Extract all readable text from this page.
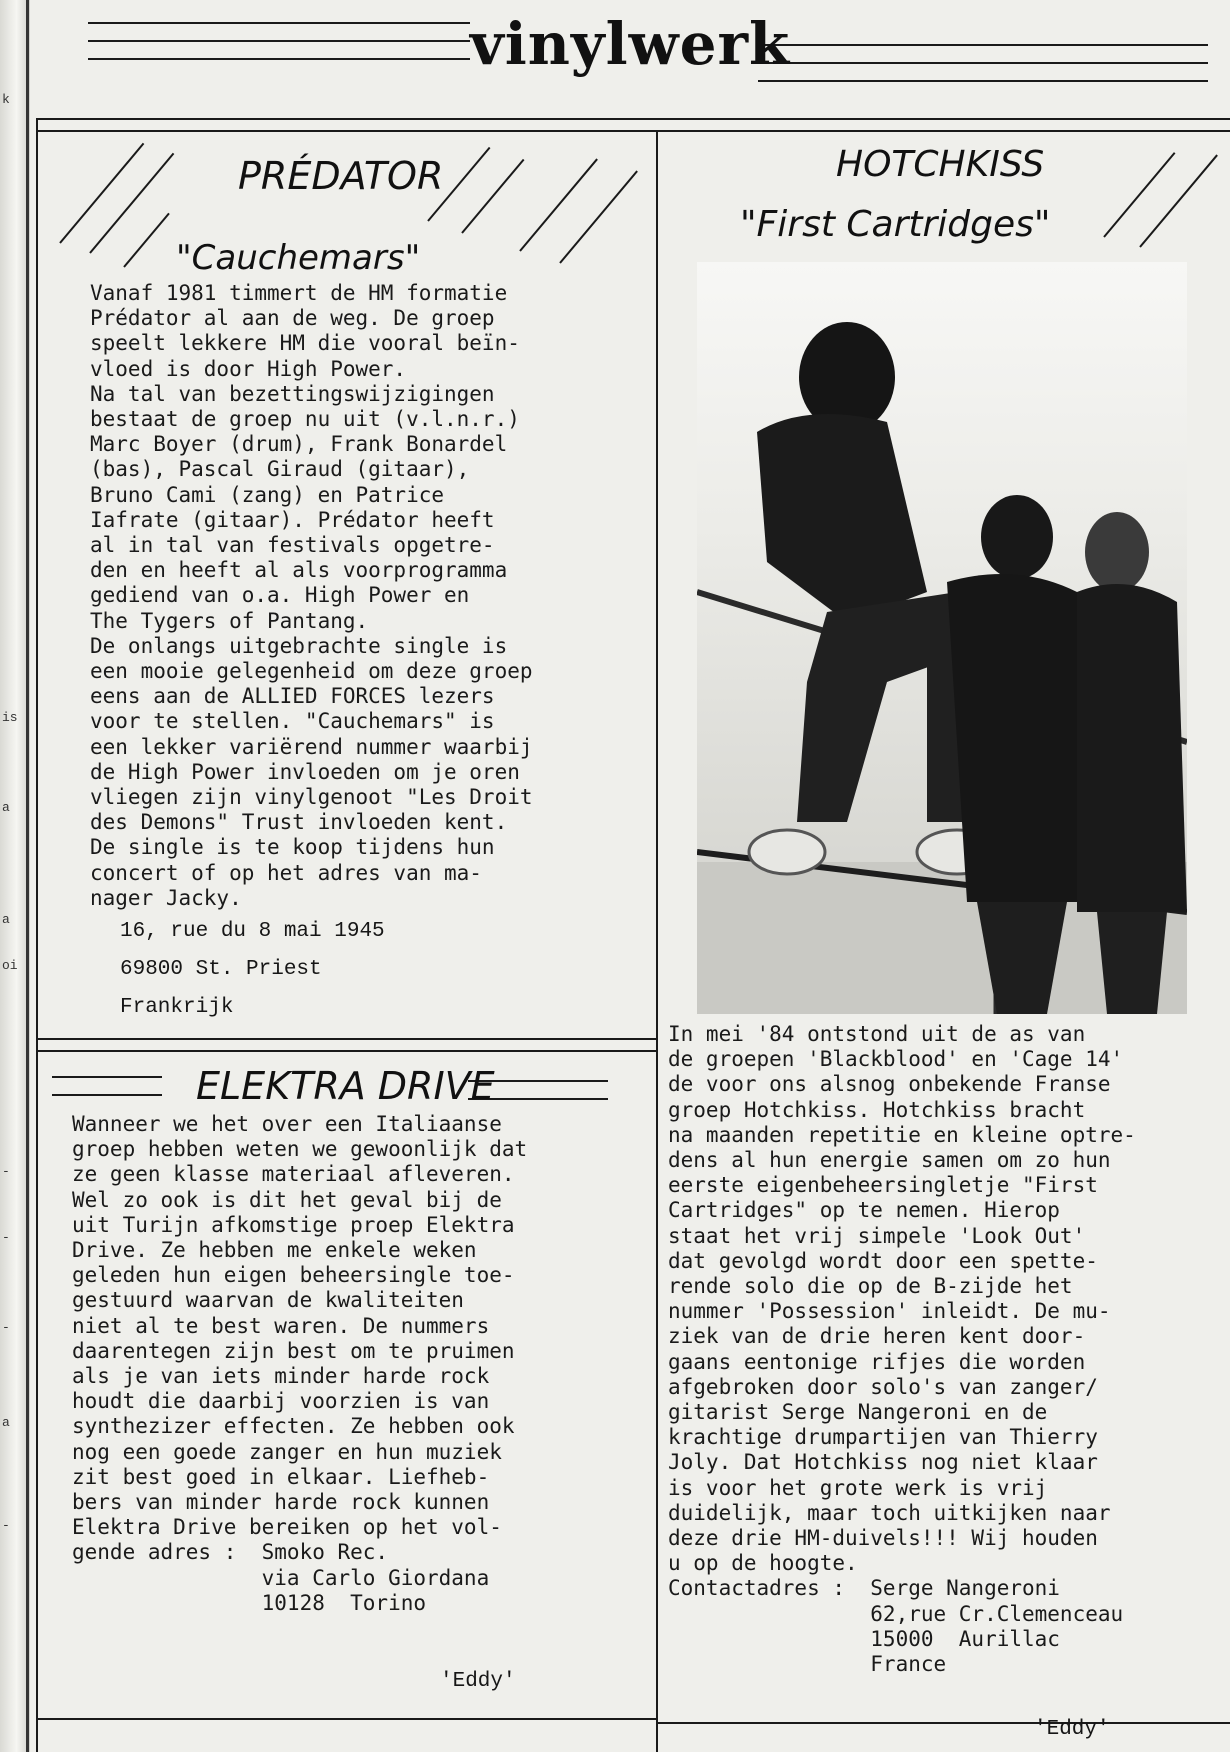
k
is
a
a
oi
-
-
-
a
-
vinylwerk
PRÉDATOR
"Cauchemars"
Vanaf 1981 timmert de HM formatie
Prédator al aan de weg. De groep
speelt lekkere HM die vooral beïn-
vloed is door High Power.
Na tal van bezettingswijzigingen
bestaat de groep nu uit (v.l.n.r.)
Marc Boyer (drum), Frank Bonardel
(bas), Pascal Giraud (gitaar),
Bruno Cami (zang) en Patrice
Iafrate (gitaar). Prédator heeft
al in tal van festivals opgetre-
den en heeft al als voorprogramma
gediend van o.a. High Power en
The Tygers of Pantang.
De onlangs uitgebrachte single is
een mooie gelegenheid om deze groep
eens aan de ALLIED FORCES lezers
voor te stellen. "Cauchemars" is
een lekker variërend nummer waarbij
de High Power invloeden om je oren
vliegen zijn vinylgenoot "Les Droit
des Demons" Trust invloeden kent.
De single is te koop tijdens hun
concert of op het adres van ma-
nager Jacky.
16, rue du 8 mai 1945
69800 St. Priest
Frankrijk
ELEKTRA DRIVE
Wanneer we het over een Italiaanse
groep hebben weten we gewoonlijk dat
ze geen klasse materiaal afleveren.
Wel zo ook is dit het geval bij de
uit Turijn afkomstige proep Elektra
Drive. Ze hebben me enkele weken
geleden hun eigen beheersingle toe-
gestuurd waarvan de kwaliteiten
niet al te best waren. De nummers
daarentegen zijn best om te pruimen
als je van iets minder harde rock
houdt die daarbij voorzien is van
synthezizer effecten. Ze hebben ook
nog een goede zanger en hun muziek
zit best goed in elkaar. Liefheb-
bers van minder harde rock kunnen
Elektra Drive bereiken op het vol-
gende adres :  Smoko Rec.
via Carlo Giordana
10128  Torino
'Eddy'
HOTCHKISS
"First Cartridges"
In mei '84 ontstond uit de as van
de groepen 'Blackblood' en 'Cage 14'
de voor ons alsnog onbekende Franse
groep Hotchkiss. Hotchkiss bracht
na maanden repetitie en kleine optre-
dens al hun energie samen om zo hun
eerste eigenbeheersingletje "First
Cartridges" op te nemen. Hierop
staat het vrij simpele 'Look Out'
dat gevolgd wordt door een spette-
rende solo die op de B-zijde het
nummer 'Possession' inleidt. De mu-
ziek van de drie heren kent door-
gaans eentonige rifjes die worden
afgebroken door solo's van zanger/
gitarist Serge Nangeroni en de
krachtige drumpartijen van Thierry
Joly. Dat Hotchkiss nog niet klaar
is voor het grote werk is vrij
duidelijk, maar toch uitkijken naar
deze drie HM-duivels!!! Wij houden
u op de hoogte.
Contactadres :  Serge Nangeroni
62,rue Cr.Clemenceau
15000  Aurillac
France
'Eddy'
